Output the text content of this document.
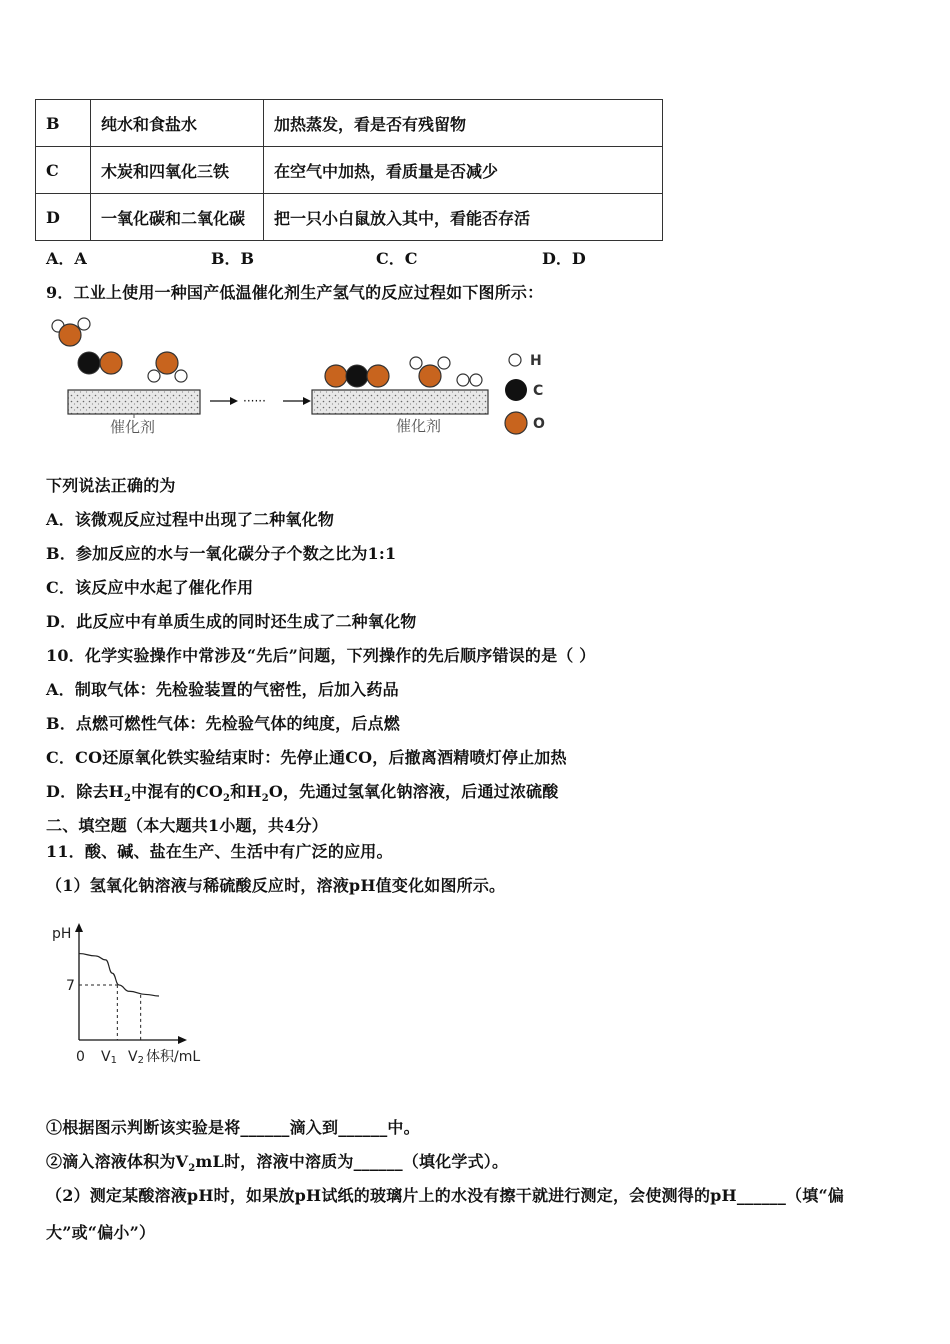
B	纯水和食盐水	加热蒸发，看是否有残留物
C	木炭和四氧化三铁	在空气中加热，看质量是否减少
D	一氧化碳和二氧化碳	把一只小白鼠放入其中，看能否存活
A．A	B．B	C．C	D．D
9．工业上使用一种国产低温催化剂生产氢气的反应过程如下图所示：
催化剂
······
催化剂
H
C
O
下列说法正确的为
A．该微观反应过程中出现了二种氧化物
B．参加反应的水与一氧化碳分子个数之比为1:1
C．该反应中水起了催化作用
D．此反应中有单质生成的同时还生成了二种氧化物
10．化学实验操作中常涉及“先后”问题，下列操作的先后顺序错误的是（ ）
A．制取气体：先检验装置的气密性，后加入药品
B．点燃可燃性气体：先检验气体的纯度，后点燃
C．CO还原氧化铁实验结束时：先停止通CO，后撤离酒精喷灯停止加热
D．除去$H_2$中混有的$CO_2$和$H_2O$，先通过氢氧化钠溶液，后通过浓硫酸
二、填空题（本大题共1小题，共4分）
11．酸、碱、盐在生产、生活中有广泛的应用。
（1）氢氧化钠溶液与稀硫酸反应时，溶液pH值变化如图所示。
pH
7
0 V1 V2 体积/mL
①根据图示判断该实验是将______滴入到______中。
②滴入溶液体积为$V_2mL$时，溶液中溶质为______（填化学式）。
（2）测定某酸溶液pH时，如果放pH试纸的玻璃片上的水没有擦干就进行测定，会使测得的pH______（填“偏
大”或“偏小”）
